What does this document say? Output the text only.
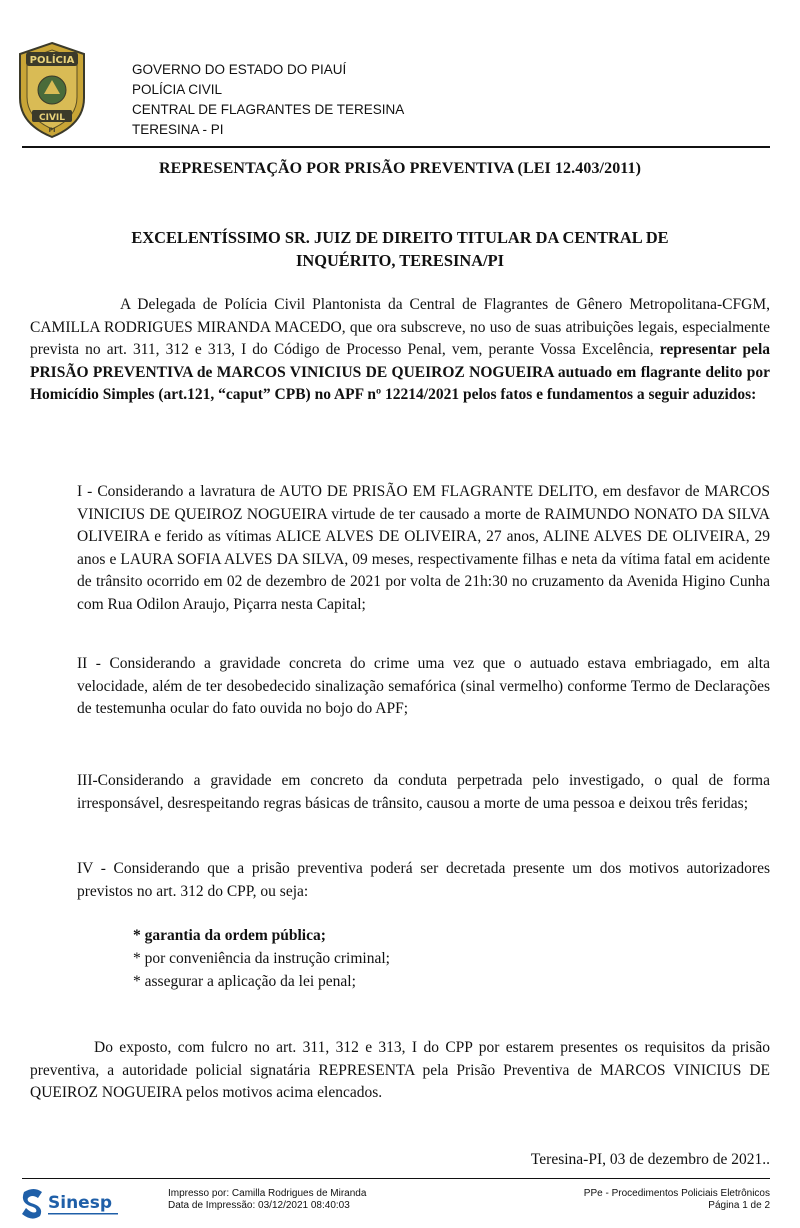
POLÍCIA
CIVIL
PI
GOVERNO DO ESTADO DO PIAUÍ
POLÍCIA CIVIL
CENTRAL DE FLAGRANTES DE TERESINA
TERESINA - PI
REPRESENTAÇÃO POR PRISÃO PREVENTIVA (LEI 12.403/2011)
EXCELENTÍSSIMO SR. JUIZ DE DIREITO TITULAR DA CENTRAL DE
INQUÉRITO, TERESINA/PI
A Delegada de Polícia Civil Plantonista da Central de Flagrantes de Gênero Metropolitana-CFGM, CAMILLA RODRIGUES MIRANDA MACEDO, que ora subscreve, no uso de suas atribuições legais, especialmente prevista no art. 311, 312 e 313, I do Código de Processo Penal, vem, perante Vossa Excelência, representar pela PRISÃO PREVENTIVA de MARCOS VINICIUS DE QUEIROZ NOGUEIRA autuado em flagrante delito por Homicídio Simples (art.121, “caput” CPB) no APF nº 12214/2021 pelos fatos e fundamentos a seguir aduzidos:
I - Considerando a lavratura de AUTO DE PRISÃO EM FLAGRANTE DELITO, em desfavor de MARCOS VINICIUS DE QUEIROZ NOGUEIRA virtude de ter causado a morte de RAIMUNDO NONATO DA SILVA OLIVEIRA e ferido as vítimas ALICE ALVES DE OLIVEIRA, 27 anos, ALINE ALVES DE OLIVEIRA, 29 anos e LAURA SOFIA ALVES DA SILVA, 09 meses, respectivamente filhas e neta da vítima fatal em acidente de trânsito ocorrido em 02 de dezembro de 2021 por volta de 21h:30 no cruzamento da Avenida Higino Cunha com Rua Odilon Araujo, Piçarra nesta Capital;
II - Considerando a gravidade concreta do crime uma vez que o autuado estava embriagado, em alta velocidade, além de ter desobedecido sinalização semafórica (sinal vermelho) conforme Termo de Declarações de testemunha ocular do fato ouvida no bojo do APF;
III-Considerando a gravidade em concreto da conduta perpetrada pelo investigado, o qual de forma irresponsável, desrespeitando regras básicas de trânsito, causou a morte de uma pessoa e deixou três feridas;
IV - Considerando que a prisão preventiva poderá ser decretada presente um dos motivos autorizadores previstos no art. 312 do CPP, ou seja:
* garantia da ordem pública;
* por conveniência da instrução criminal;
* assegurar a aplicação da lei penal;
Do exposto, com fulcro no art. 311, 312 e 313, I do CPP por estarem presentes os requisitos da prisão preventiva, a autoridade policial signatária REPRESENTA pela Prisão Preventiva de MARCOS VINICIUS DE QUEIROZ NOGUEIRA pelos motivos acima elencados.
Teresina-PI, 03 de dezembro de 2021..
Sinesp	Impresso por: Camilla Rodrigues de Miranda
Data de Impressão: 03/12/2021 08:40:03
PPe - Procedimentos Policiais Eletrônicos
Página 1 de 2
